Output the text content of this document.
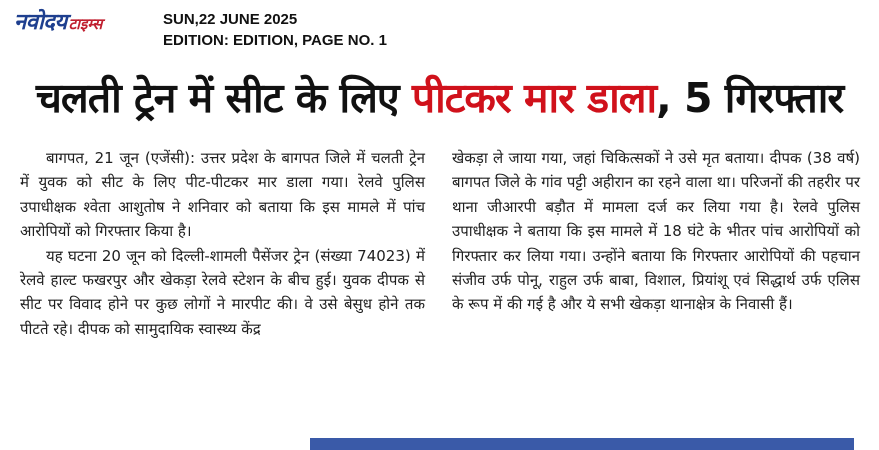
नवोदय टाइम्स	SUN,22 JUNE 2025
EDITION: EDITION, PAGE NO. 1
चलती ट्रेन में सीट के लिए पीटकर मार डाला, 5 गिरफ्तार

बागपत, 21 जून (एजेंसी): उत्तर प्रदेश के बागपत जिले में चलती ट्रेन में युवक को सीट के लिए पीट-पीटकर मार डाला गया। रेलवे पुलिस उपाधीक्षक श्वेता आशुतोष ने शनिवार को बताया कि इस मामले में पांच आरोपियों को गिरफ्तार किया है।

यह घटना 20 जून को दिल्ली-शामली पैसेंजर ट्रेन (संख्या 74023) में रेलवे हाल्ट फखरपुर और खेकड़ा रेलवे स्टेशन के बीच हुई। युवक दीपक से सीट पर विवाद होने पर कुछ लोगों ने मारपीट की। वे उसे बेसुध होने तक पीटते रहे। दीपक को सामुदायिक स्वास्थ्य केंद्र

खेकड़ा ले जाया गया, जहां चिकित्सकों ने उसे मृत बताया। दीपक (38 वर्ष) बागपत जिले के गांव पट्टी अहीरान का रहने वाला था। परिजनों की तहरीर पर थाना जीआरपी बड़ौत में मामला दर्ज कर लिया गया है। रेलवे पुलिस उपाधीक्षक ने बताया कि इस मामले में 18 घंटे के भीतर पांच आरोपियों को गिरफ्तार कर लिया गया। उन्होंने बताया कि गिरफ्तार आरोपियों की पहचान संजीव उर्फ पोनू, राहुल उर्फ बाबा, विशाल, प्रियांशू एवं सिद्धार्थ उर्फ एलिस के रूप में की गई है और ये सभी खेकड़ा थानाक्षेत्र के निवासी हैं।
